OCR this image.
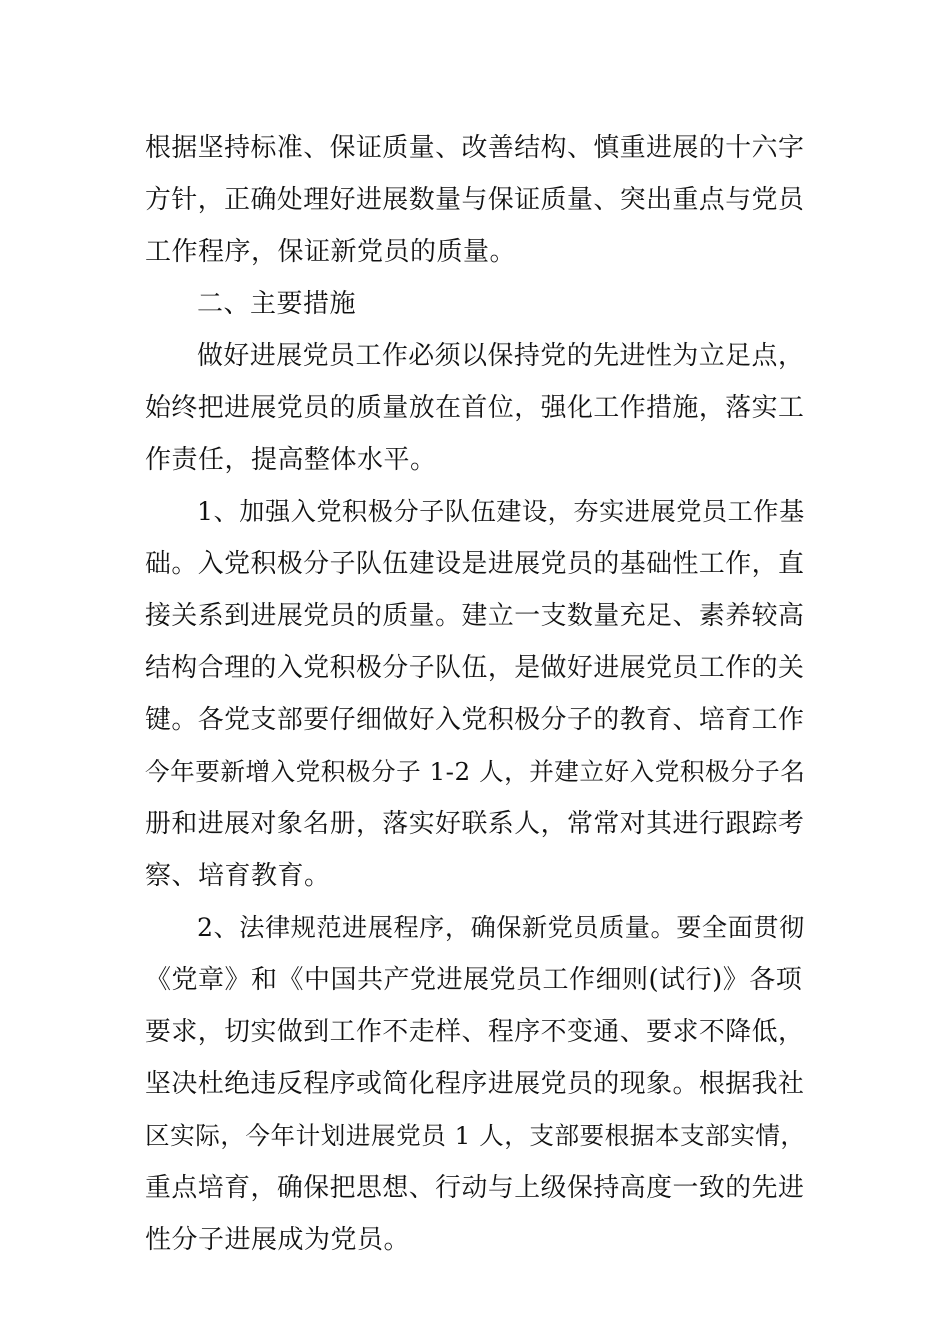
根据坚持标准、保证质量、改善结构、慎重进展的十六字
方针，正确处理好进展数量与保证质量、突出重点与党员
工作程序，保证新党员的质量。
二、主要措施
做好进展党员工作必须以保持党的先进性为立足点，
始终把进展党员的质量放在首位，强化工作措施，落实工
作责任，提高整体水平。
1、加强入党积极分子队伍建设，夯实进展党员工作基
础。入党积极分子队伍建设是进展党员的基础性工作，直
接关系到进展党员的质量。建立一支数量充足、素养较高
结构合理的入党积极分子队伍，是做好进展党员工作的关
键。各党支部要仔细做好入党积极分子的教育、培育工作
今年要新增入党积极分子 1-2 人，并建立好入党积极分子名
册和进展对象名册，落实好联系人，常常对其进行跟踪考
察、培育教育。
2、法律规范进展程序，确保新党员质量。要全面贯彻
《党章》和《中国共产党进展党员工作细则(试行)》各项
要求，切实做到工作不走样、程序不变通、要求不降低，
坚决杜绝违反程序或简化程序进展党员的现象。根据我社
区实际，今年计划进展党员 1 人，支部要根据本支部实情，
重点培育，确保把思想、行动与上级保持高度一致的先进
性分子进展成为党员。
